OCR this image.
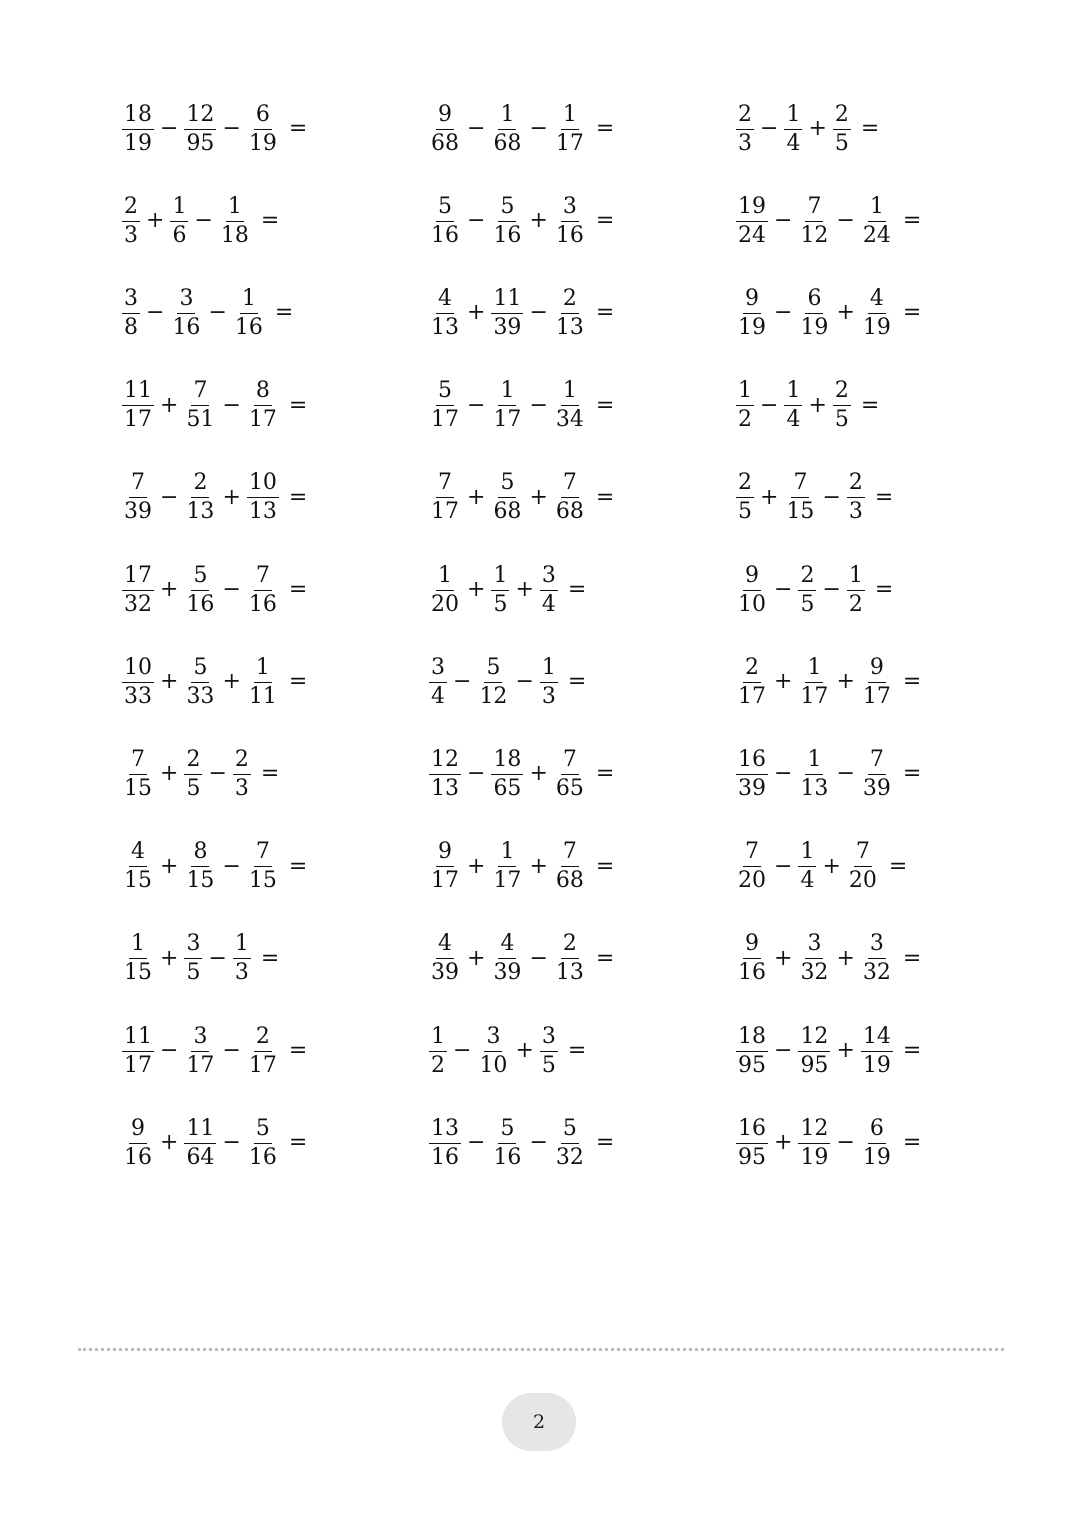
$\frac{18}{19} - \frac{12}{95} - \frac{6}{19}$ =
$\frac{2}{3} + \frac{1}{6} - \frac{1}{18}$ =
$\frac{3}{8} - \frac{3}{16} - \frac{1}{16}$ =
$\frac{11}{17} + \frac{7}{51} - \frac{8}{17}$ =
$\frac{7}{39} - \frac{2}{13} + \frac{10}{13}$ =
$\frac{17}{32} + \frac{5}{16} - \frac{7}{16}$ =
$\frac{10}{33} + \frac{5}{33} + \frac{1}{11}$ =
$\frac{7}{15} + \frac{2}{5} - \frac{2}{3}$ =
$\frac{4}{15} + \frac{8}{15} - \frac{7}{15}$ =
$\frac{1}{15} + \frac{3}{5} - \frac{1}{3}$ =
$\frac{11}{17} - \frac{3}{17} - \frac{2}{17}$ =
$\frac{9}{16} + \frac{11}{64} - \frac{5}{16}$ =
$\frac{9}{68} - \frac{1}{68} - \frac{1}{17}$ =
$\frac{5}{16} - \frac{5}{16} + \frac{3}{16}$ =
$\frac{4}{13} + \frac{11}{39} - \frac{2}{13}$ =
$\frac{5}{17} - \frac{1}{17} - \frac{1}{34}$ =
$\frac{7}{17} + \frac{5}{68} + \frac{7}{68}$ =
$\frac{1}{20} + \frac{1}{5} + \frac{3}{4}$ =
$\frac{3}{4} - \frac{5}{12} - \frac{1}{3}$ =
$\frac{12}{13} - \frac{18}{65} + \frac{7}{65}$ =
$\frac{9}{17} + \frac{1}{17} + \frac{7}{68}$ =
$\frac{4}{39} + \frac{4}{39} - \frac{2}{13}$ =
$\frac{1}{2} - \frac{3}{10} + \frac{3}{5}$ =
$\frac{13}{16} - \frac{5}{16} - \frac{5}{32}$ =
$\frac{2}{3} - \frac{1}{4} + \frac{2}{5}$ =
$\frac{19}{24} - \frac{7}{12} - \frac{1}{24}$ =
$\frac{9}{19} - \frac{6}{19} + \frac{4}{19}$ =
$\frac{1}{2} - \frac{1}{4} + \frac{2}{5}$ =
$\frac{2}{5} + \frac{7}{15} - \frac{2}{3}$ =
$\frac{9}{10} - \frac{2}{5} - \frac{1}{2}$ =
$\frac{2}{17} + \frac{1}{17} + \frac{9}{17}$ =
$\frac{16}{39} - \frac{1}{13} - \frac{7}{39}$ =
$\frac{7}{20} - \frac{1}{4} + \frac{7}{20}$ =
$\frac{9}{16} + \frac{3}{32} + \frac{3}{32}$ =
$\frac{18}{95} - \frac{12}{95} + \frac{14}{19}$ =
$\frac{16}{95} + \frac{12}{19} - \frac{6}{19}$ =
2
